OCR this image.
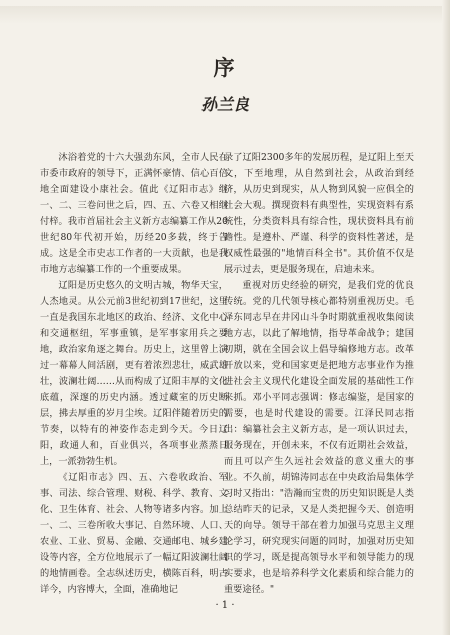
序
孙兰良

沐浴着党的十六大强劲东风，全市人民在市委市政府的领导下，正满怀豪情、信心百倍地全面建设小康社会。值此《辽阳市志》继一、二、三卷问世之后，四、五、六卷又相继付梓。我市首届社会主义新方志编纂工作从20世纪80年代初开始，历经20多载，终于告成。这是全市史志工作者的一大贡献，也是我市地方志编纂工作的一个重要成果。

辽阳是历史悠久的文明古城，物华天宝，人杰地灵。从公元前3世纪初到17世纪，这里一直是我国东北地区的政治、经济、文化中心和交通枢纽，军事重镇，是军事家用兵之要地，政治家角逐之舞台。历史上，这里曾上演过一幕幕人间活剧，更有着浓烈悲壮，威武雄壮，波澜壮阔……从而构成了辽阳丰厚的文化底蕴，深邃的历史内涵。透过藏室的历史断层，拂去厚重的岁月尘埃。辽阳伴随着历史的节奏，以特有的神姿作态走到今天。今日辽阳，政通人和，百业俱兴，各项事业蒸蒸日上，一派勃勃生机。

《辽阳市志》四、五、六卷收政治、军事、司法、综合管理、财税、科学、教育、文化、卫生体育、社会、人物等诸多内容。加上一、二、三卷所收大事记、自然环境、人口、农业、工业、贸易、金融、交通邮电、城乡建设等内容，全方位地展示了一幅辽阳波澜壮阔的地情画卷。全志纵述历史，横陈百科，明古详今，内容博大，全面，准确地记

录了辽阳2300多年的发展历程，是辽阳上至天文，下至地理，从自然到社会，从政治到经济，从历史到现实，从人物到风貌一应俱全的社会大观。撰现资料有典型性，实现资料有系统性，分类资料具有综合性，现状资料具有前瞻性。是遵朴、严谨、科学的资料性著述，是权威性最强的"地情百科全书"。其价值不仅是展示过去，更是服务现在，启迪未来。

重视对历史经验的研究，是我们党的优良传统。党的几代领导核心都特别重视历史。毛泽东同志早在井冈山斗争时期就重视收集阅读地方志，以此了解地情，指导革命战争；建国初期，就在全国会议上倡导编修地方志。改革开放以来，党和国家更是把地方志事业作为推进社会主义现代化建设全面发展的基础性工作来抓。邓小平同志强调：修志编鉴，是国家的需要，也是时代建设的需要。江泽民同志指出：编纂社会主义新方志，是一项认识过去，服务现在，开创未来，不仅有近期社会效益，而且可以产生久远社会效益的意义重大的事业。不久前，胡锦涛同志在中央政治局集体学习时又指出："浩瀚而宝贵的历史知识既是人类总结昨天的记录，又是人类把握今天、创造明天的向导。领导干部在着力加强马克思主义理论学习，研究现实问题的同时，加强对历史知识的学习，既是提高领导水平和领导能力的现实要求，也是培养科学文化素质和综合能力的重要途径。"

· 1 ·
